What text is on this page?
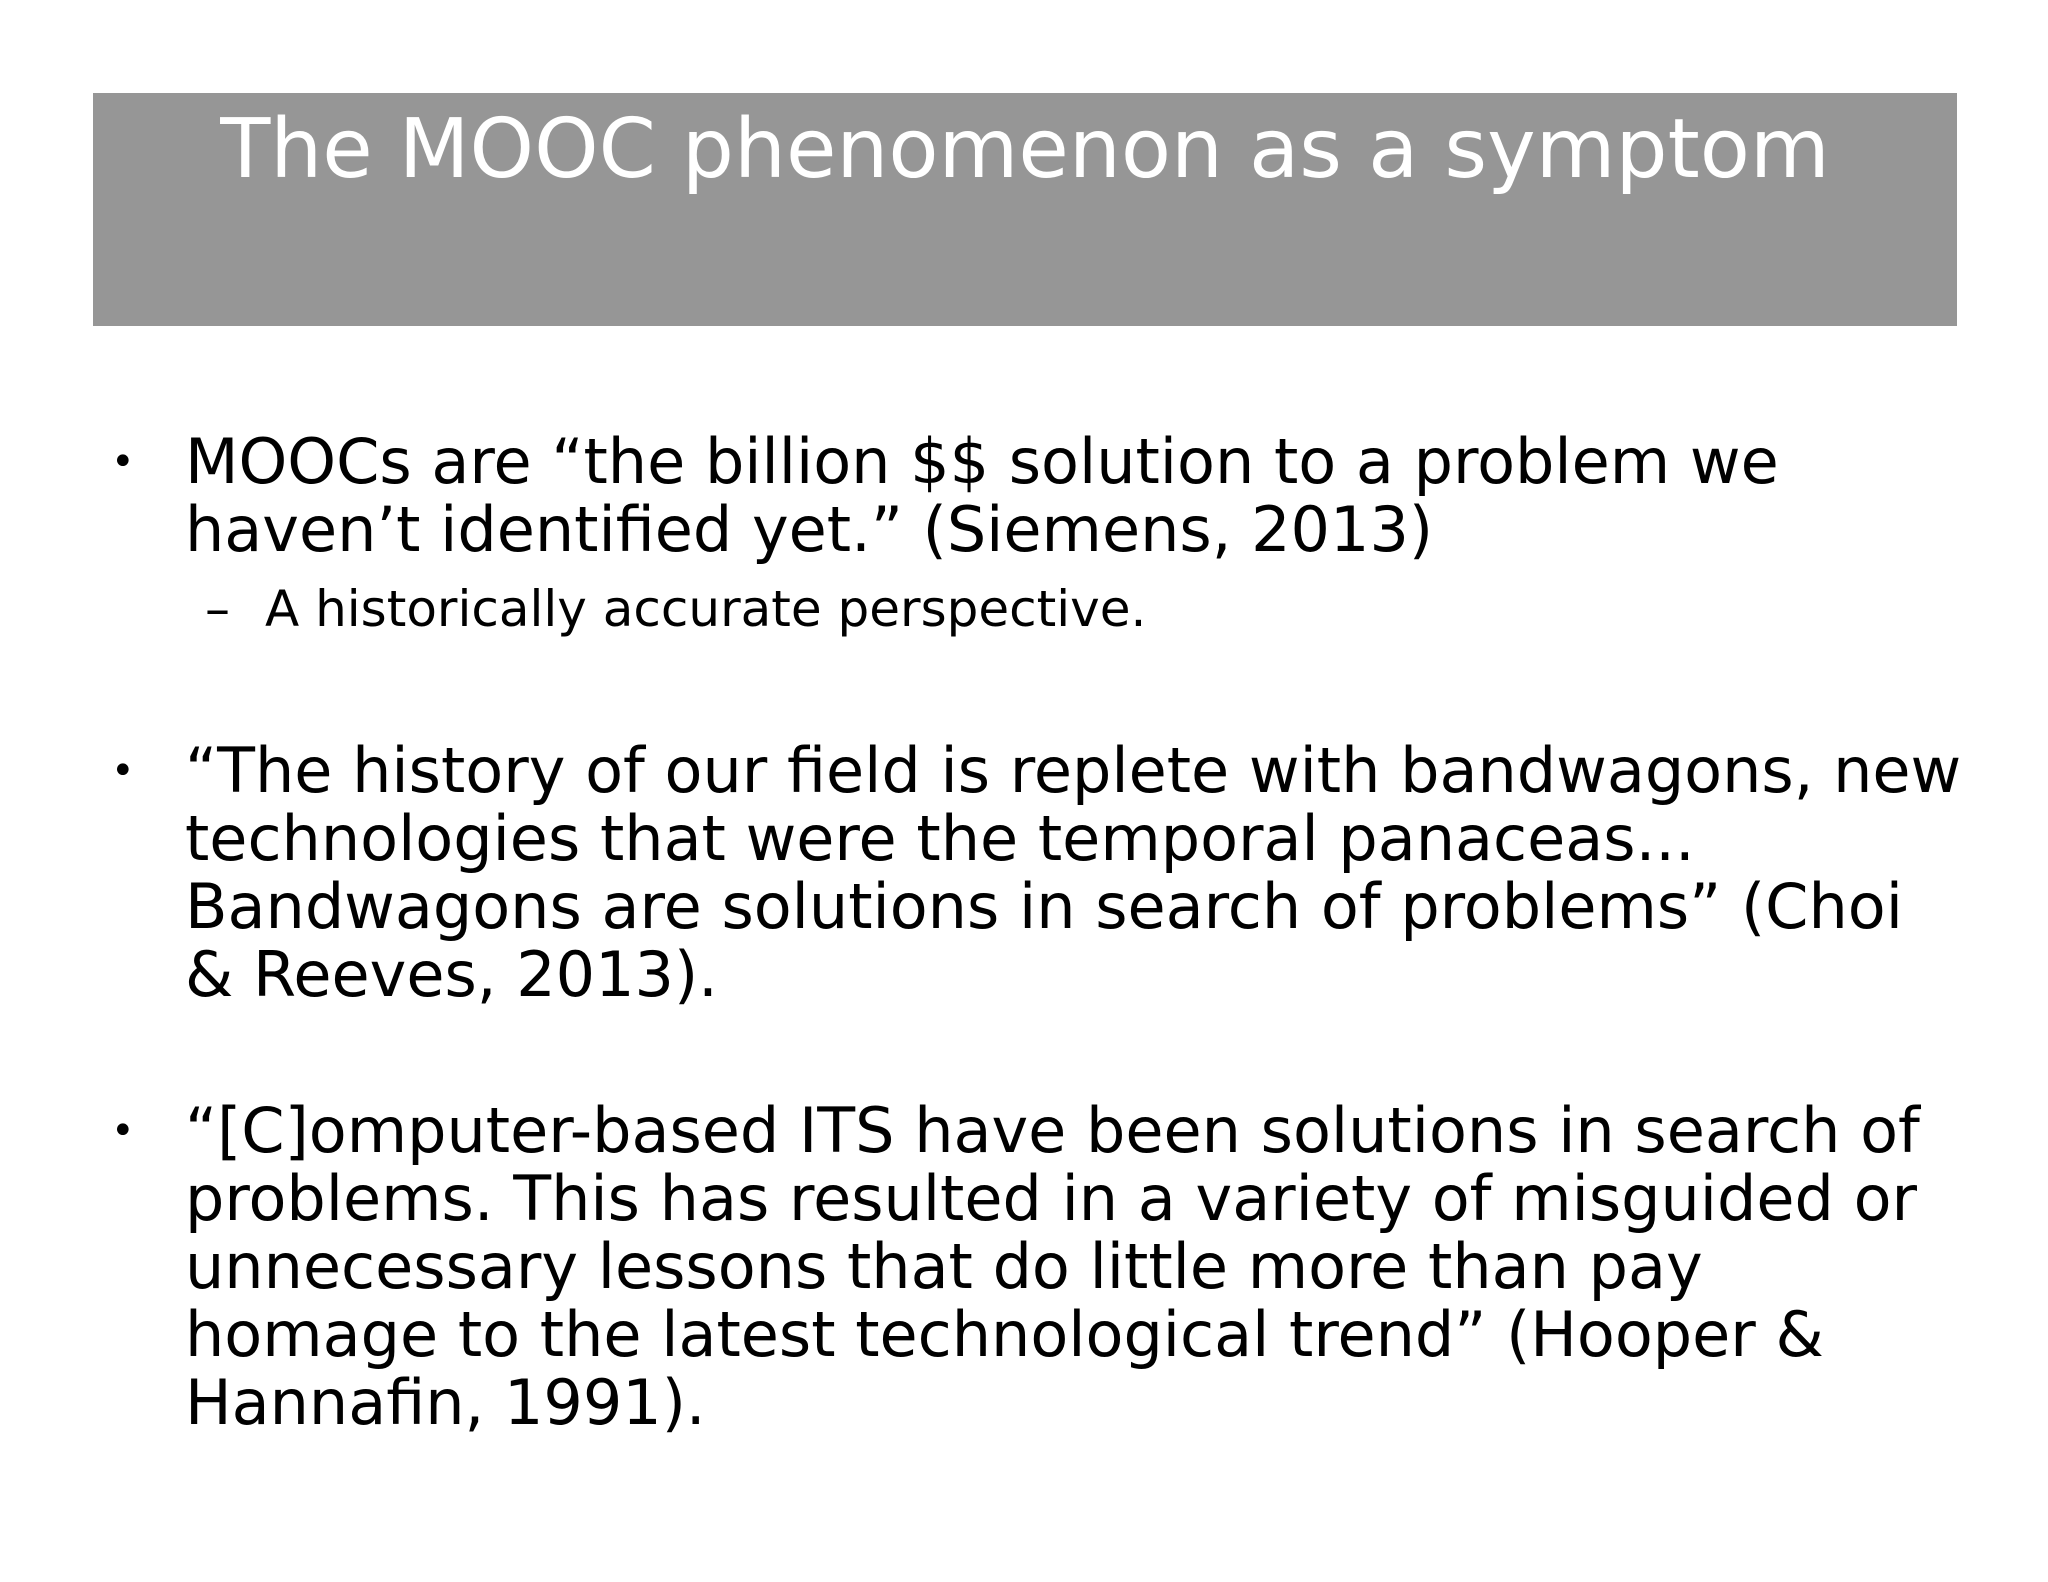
The MOOC phenomenon as a symptom
• MOOCs are “the billion $$ solution to a problem we haven’t identified yet.” (Siemens, 2013)
– A historically accurate perspective.
• “The history of our field is replete with bandwagons, new technologies that were the temporal panaceas... Bandwagons are solutions in search of problems” (Choi & Reeves, 2013).
• “[C]omputer-based ITS have been solutions in search of problems. This has resulted in a variety of misguided or unnecessary lessons that do little more than pay homage to the latest technological trend” (Hooper & Hannafin, 1991).
